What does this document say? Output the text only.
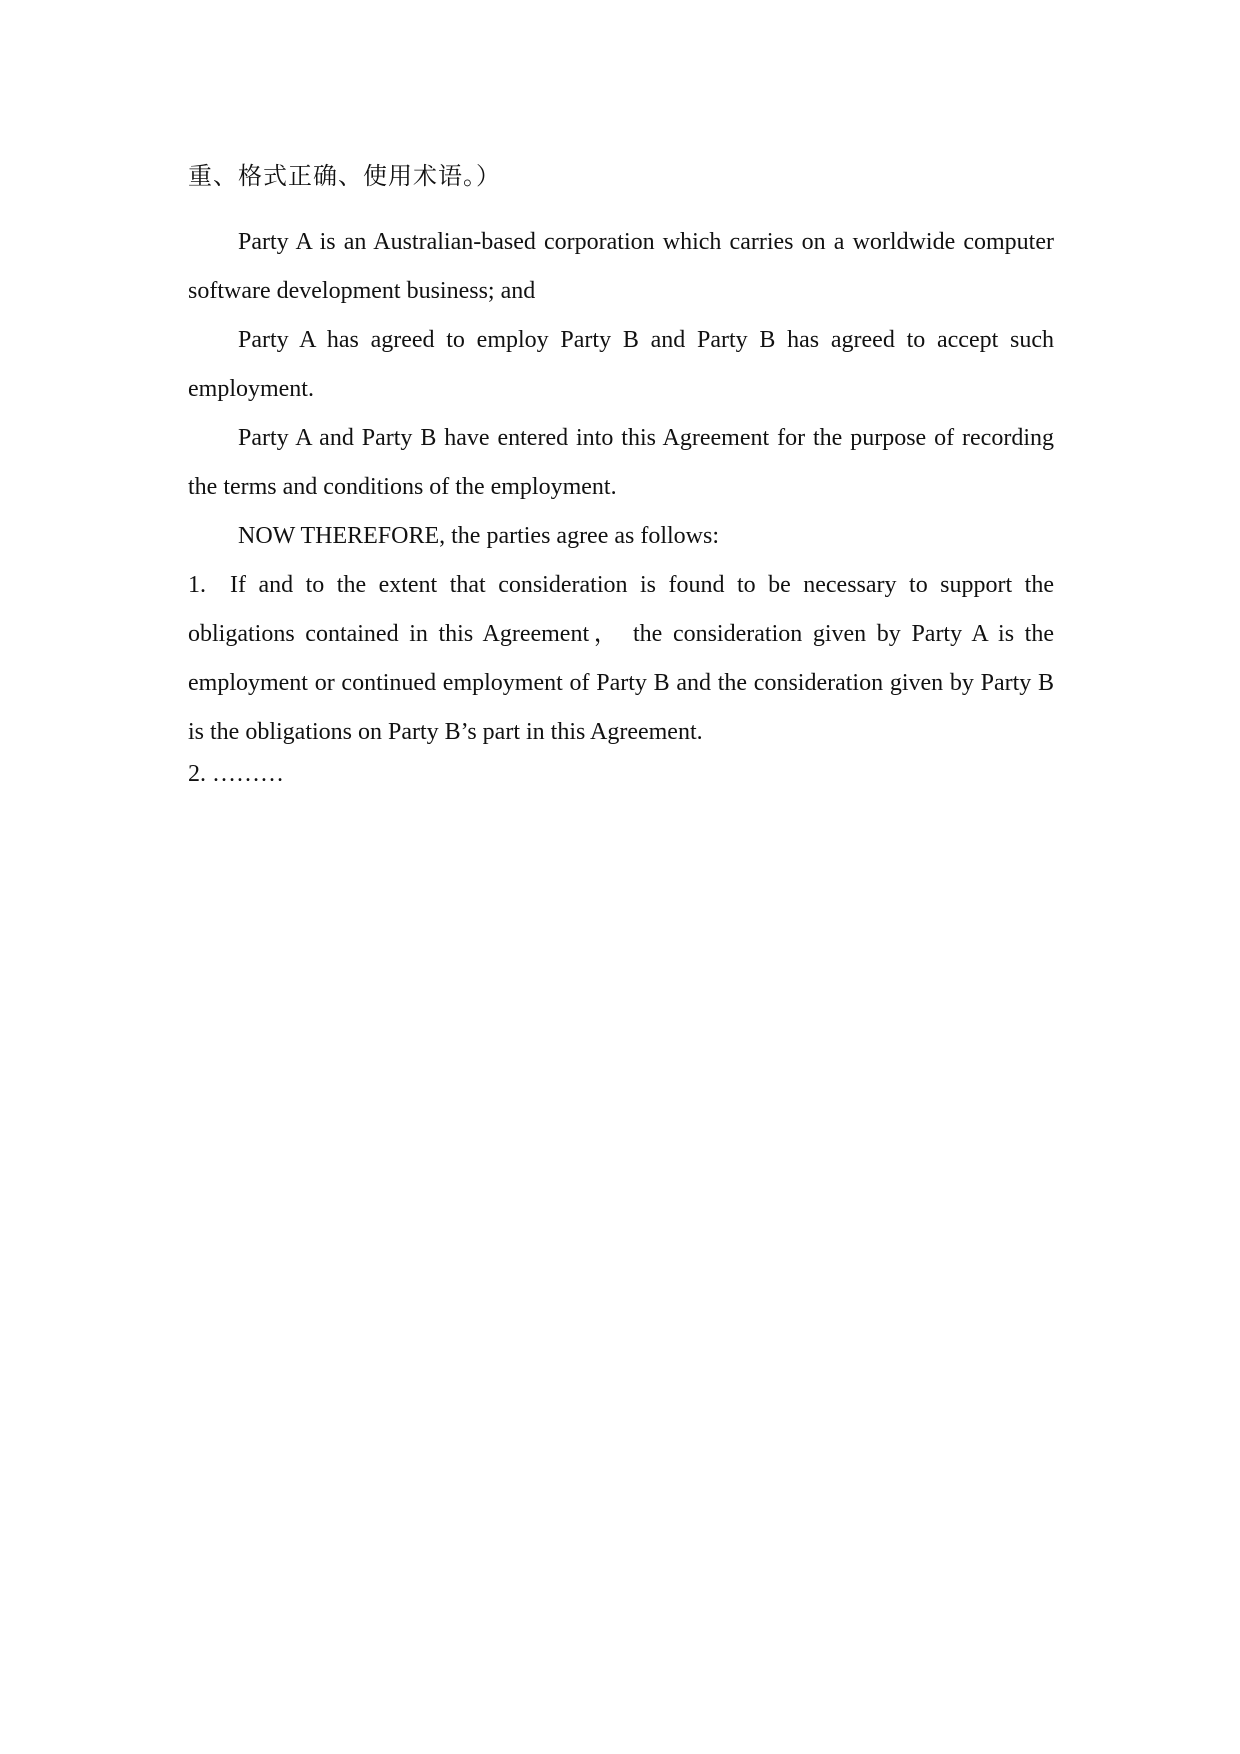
重、格式正确、使用术语。）

Party A is an Australian-based corporation which carries on a worldwide computer software development business; and

Party A has agreed to employ Party B and Party B has agreed to accept such employment.

Party A and Party B have entered into this Agreement for the purpose of recording the terms and conditions of the employment.

NOW THEREFORE, the parties agree as follows:

1. If and to the extent that consideration is found to be necessary to support the obligations contained in this Agreement， the consideration given by Party A is the employment or continued employment of Party B and the consideration given by Party B is the obligations on Party B’s part in this Agreement.

2. ………
